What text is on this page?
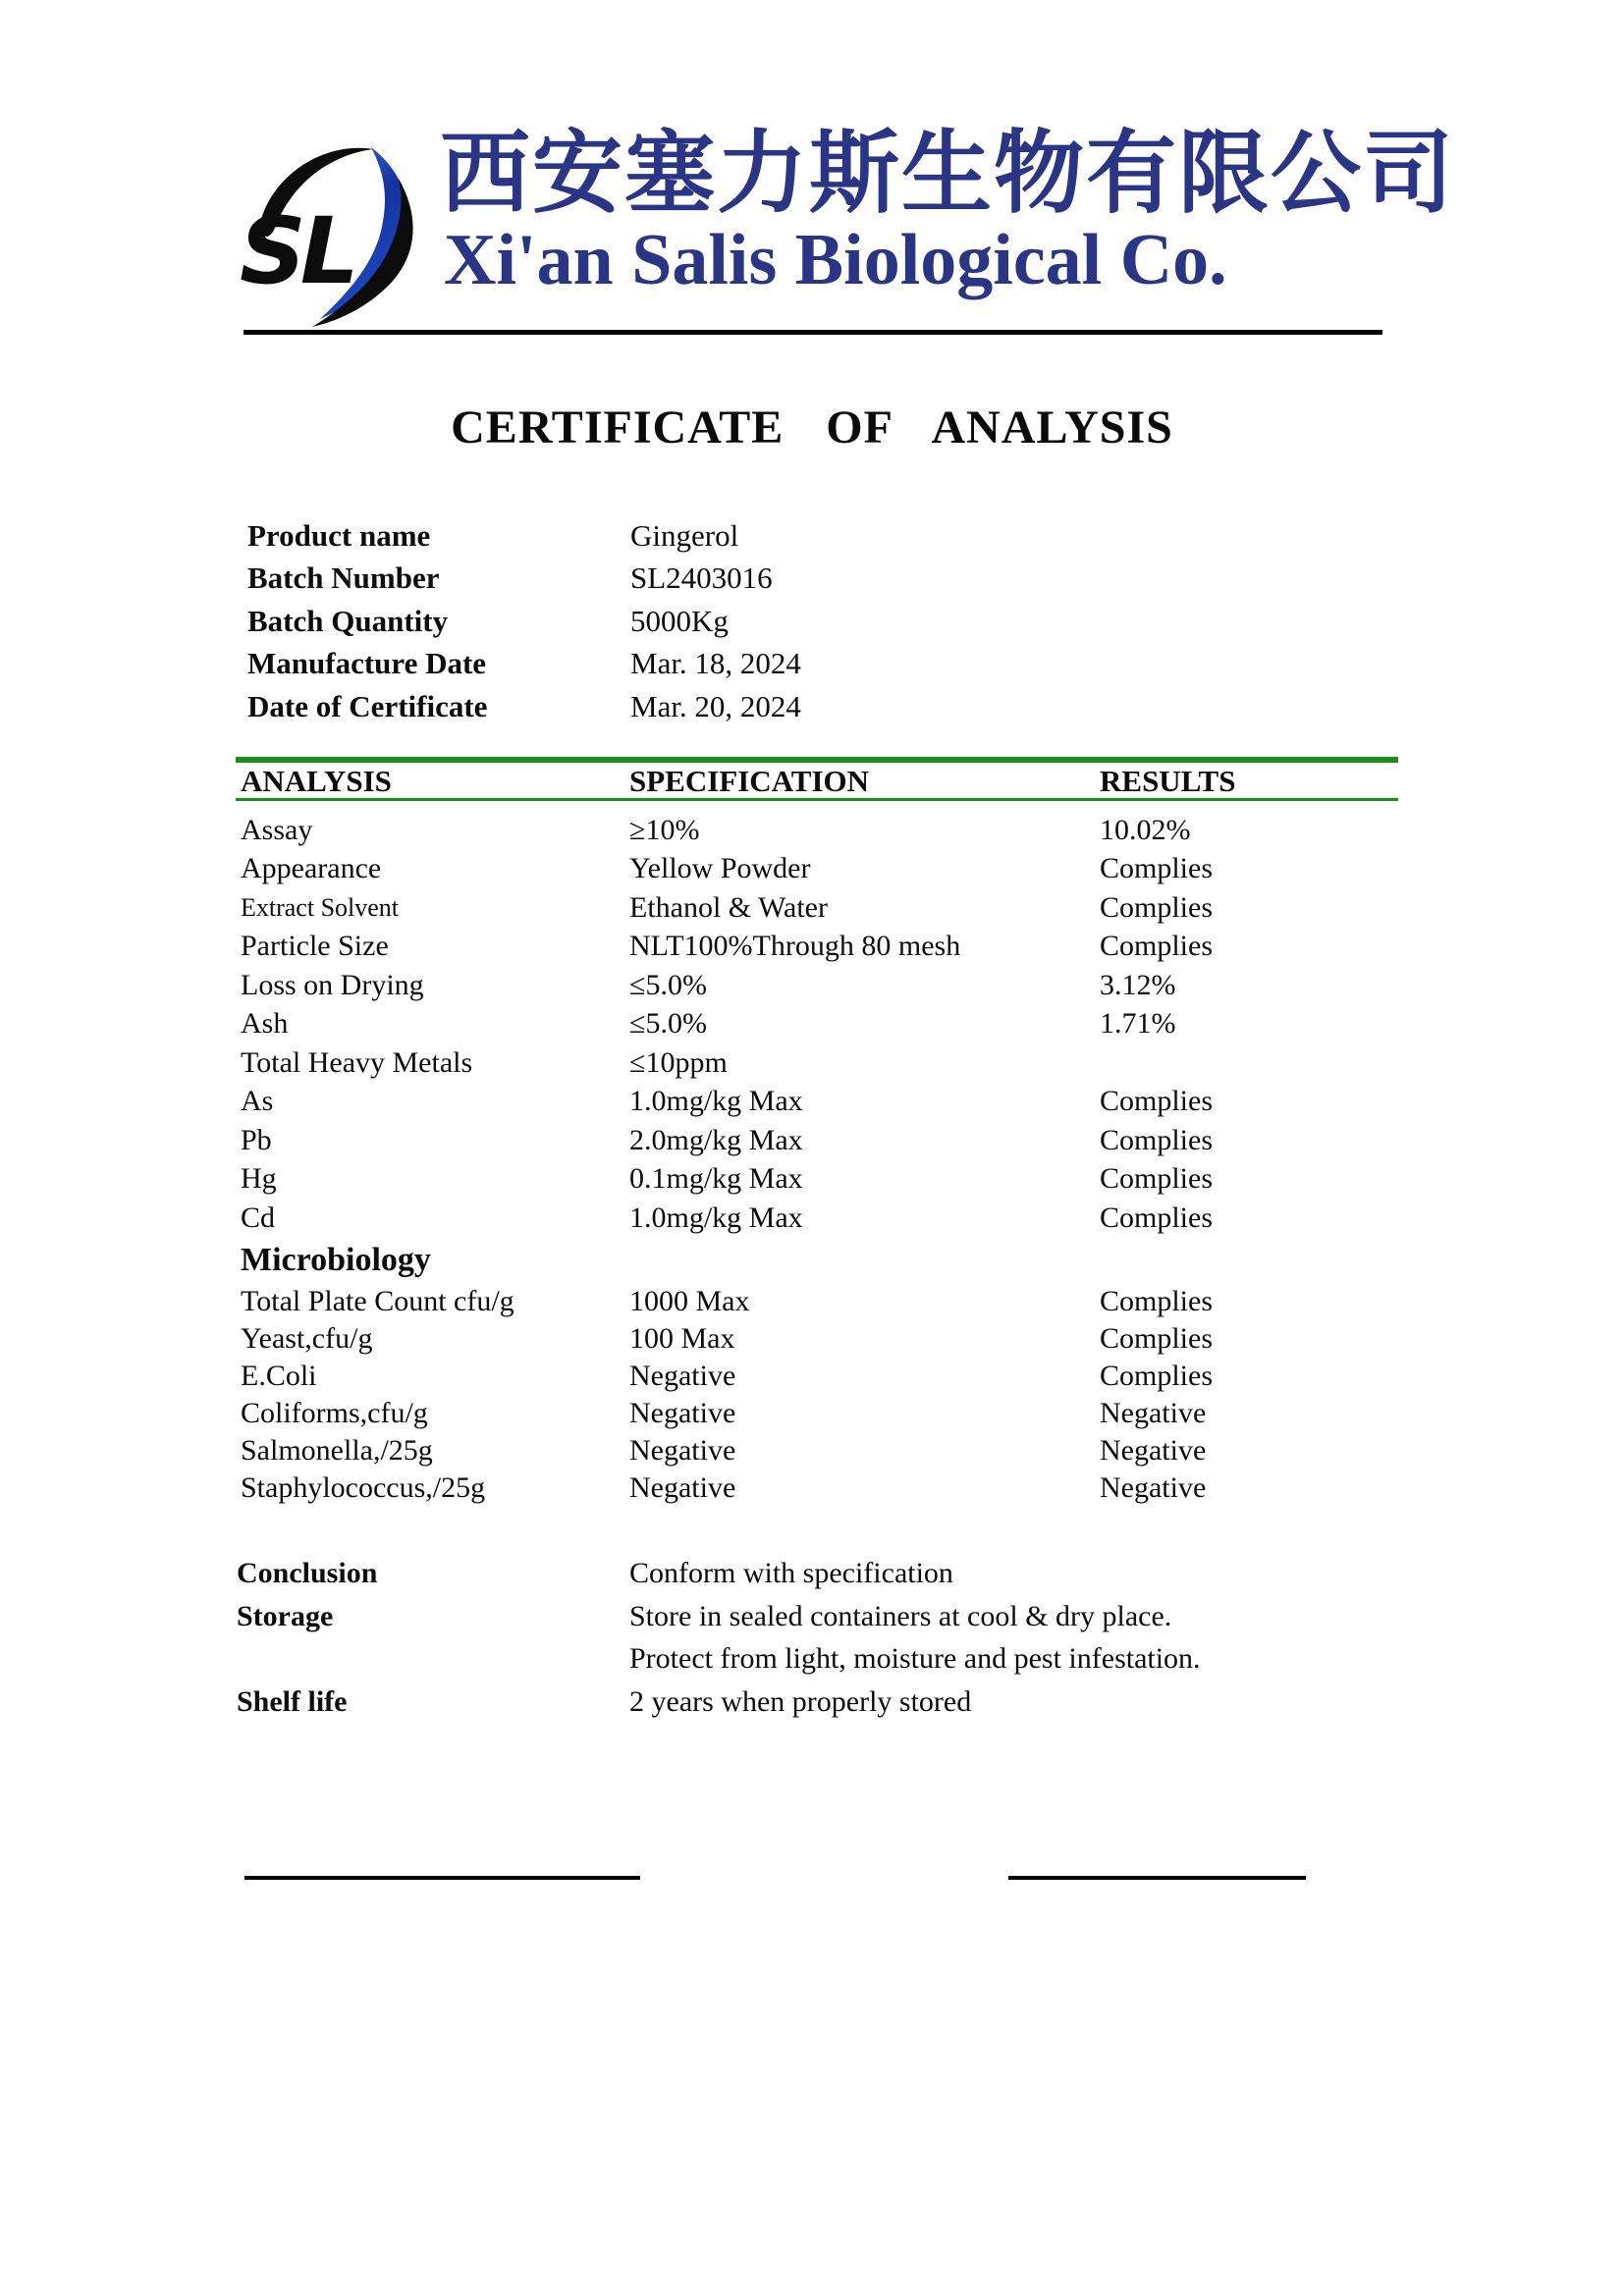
SL
西安塞力斯生物有限公司
Xi'an Salis Biological Co.
CERTIFICATE OF ANALYSIS
Product name	Gingerol
Batch Number	SL2403016
Batch Quantity	5000Kg
Manufacture Date	Mar. 18, 2024
Date of Certificate	Mar. 20, 2024
ANALYSIS	SPECIFICATION	RESULTS
Assay	≥10%	10.02%
Appearance	Yellow Powder	Complies
Extract Solvent	Ethanol & Water	Complies
Particle Size	NLT100%Through 80 mesh	Complies
Loss on Drying	≤5.0%	3.12%
Ash	≤5.0%	1.71%
Total Heavy Metals	≤10ppm
As	1.0mg/kg Max	Complies
Pb	2.0mg/kg Max	Complies
Hg	0.1mg/kg Max	Complies
Cd	1.0mg/kg Max	Complies
Microbiology
Total Plate Count cfu/g	1000 Max	Complies
Yeast,cfu/g	100 Max	Complies
E.Coli	Negative	Complies
Coliforms,cfu/g	Negative	Negative
Salmonella,/25g	Negative	Negative
Staphylococcus,/25g	Negative	Negative
Conclusion	Conform with specification
Storage	Store in sealed containers at cool & dry place.
Protect from light, moisture and pest infestation.
Shelf life	2 years when properly stored
